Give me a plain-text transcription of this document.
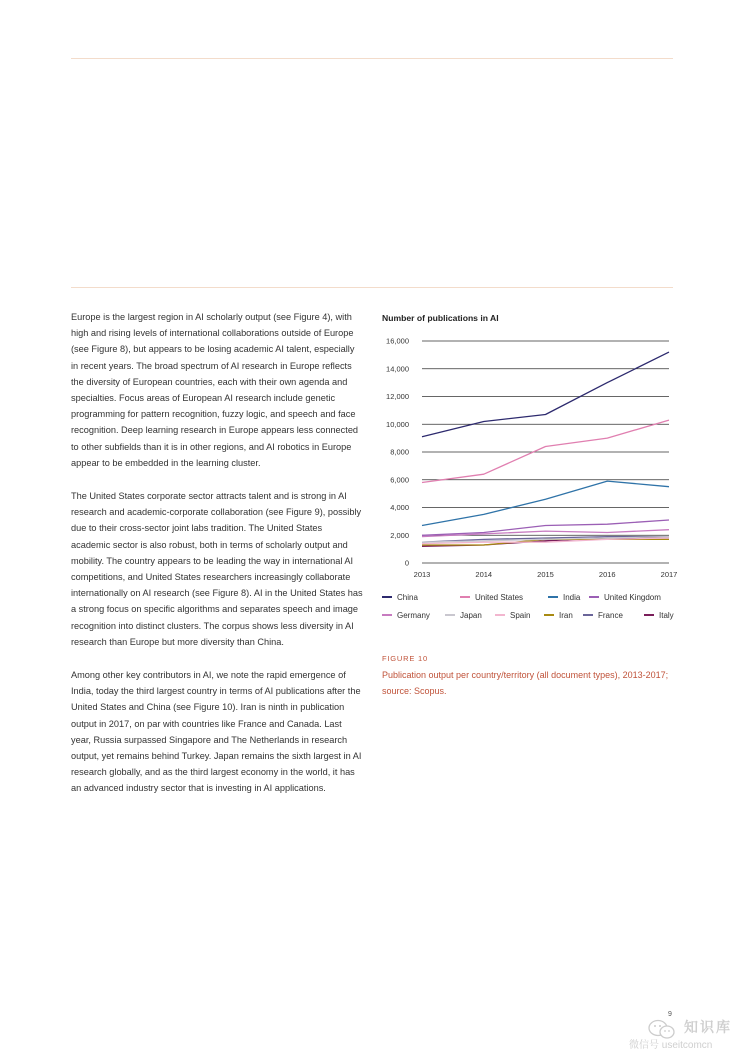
Europe is the largest region in AI scholarly output (see Figure 4), with high and rising levels of international collaborations outside of Europe (see Figure 8), but appears to be losing academic AI talent, especially in recent years. The broad spectrum of AI research in Europe reflects the diversity of European countries, each with their own agenda and specialties. Focus areas of European AI research include genetic programming for pattern recognition, fuzzy logic, and speech and face recognition. Deep learning research in Europe appears less connected to other subfields than it is in other regions, and AI robotics in Europe appear to be embedded in the learning cluster.

The United States corporate sector attracts talent and is strong in AI research and academic-corporate collaboration (see Figure 9), possibly due to their cross-sector joint labs tradition. The United States academic sector is also robust, both in terms of scholarly output and mobility. The country appears to be leading the way in international AI competitions, and United States researchers increasingly collaborate internationally on AI research (see Figure 8). AI in the United States has a strong focus on specific algorithms and separates speech and image recognition into distinct clusters. The corpus shows less diversity in AI research than Europe but more diversity than China.

Among other key contributors in AI, we note the rapid emergence of India, today the third largest country in terms of AI publications after the United States and China (see Figure 10). Iran is ninth in publication output in 2017, on par with countries like France and Canada. Last year, Russia surpassed Singapore and The Netherlands in research output, yet remains behind Turkey. Japan remains the sixth largest in AI research globally, and as the third largest economy in the world, it has an advanced industry sector that is investing in AI applications.

Number of publications in AI
0
2,000
4,000
6,000
8,000
10,000
12,000
14,000
16,000
2013	2014	2015	2016	2017
China	United States	India	United Kingdom
Germany	Japan	Spain	Iran	France	Italy
FIGURE 10
Publication output per country/territory (all document types), 2013-2017; source: Scopus.
9
知识库
微信号 useitcomcn
